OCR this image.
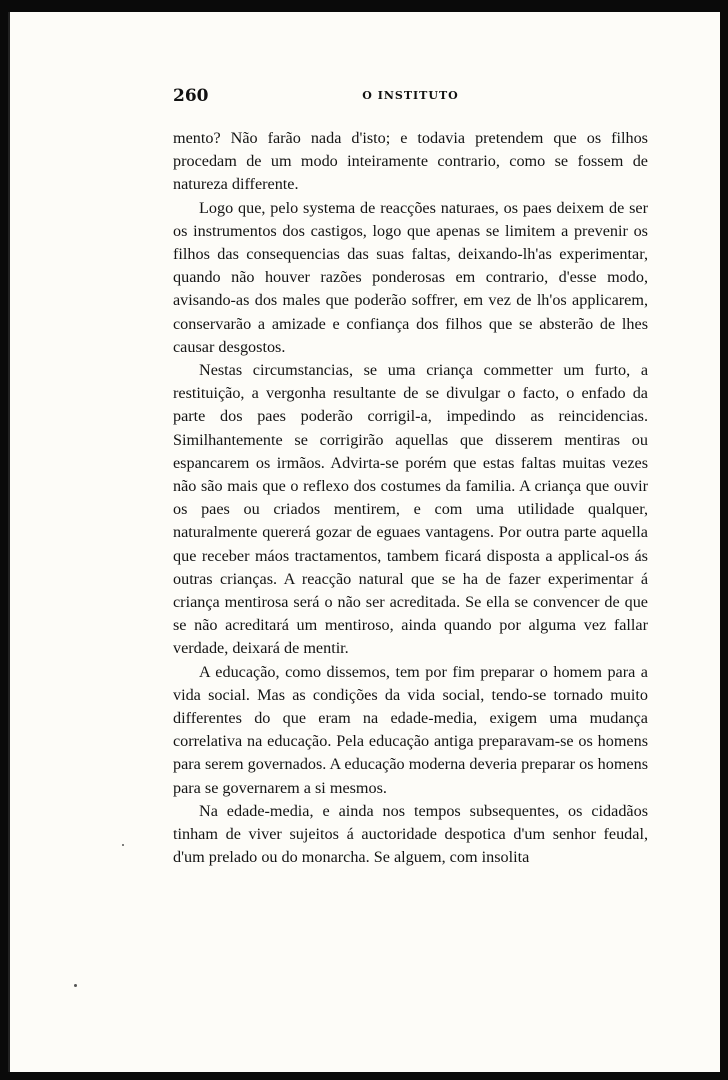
260	O INSTITUTO

mento? Não farão nada d'isto; e todavia pretendem que os filhos procedam de um modo inteiramente contrario, como se fossem de natureza differente.

Logo que, pelo systema de reacções naturaes, os paes deixem de ser os instrumentos dos castigos, logo que apenas se limitem a prevenir os filhos das consequencias das suas faltas, deixando-lh'as experimentar, quando não houver razões ponderosas em contrario, d'esse modo, avisando-as dos males que poderão soffrer, em vez de lh'os applicarem, conservarão a amizade e confiança dos filhos que se absterão de lhes causar desgostos.

Nestas circumstancias, se uma criança commetter um furto, a restituição, a vergonha resultante de se divulgar o facto, o enfado da parte dos paes poderão corrigil-a, impedindo as reincidencias. Similhantemente se corrigirão aquellas que disserem mentiras ou espancarem os irmãos. Advirta-se porém que estas faltas muitas vezes não são mais que o reflexo dos costumes da familia. A criança que ouvir os paes ou criados mentirem, e com uma utilidade qualquer, naturalmente quererá gozar de eguaes vantagens. Por outra parte aquella que receber máos tractamentos, tambem ficará disposta a applical-os ás outras crianças. A reacção natural que se ha de fazer experimentar á criança mentirosa será o não ser acreditada. Se ella se convencer de que se não acreditará um mentiroso, ainda quando por alguma vez fallar verdade, deixará de mentir.

A educação, como dissemos, tem por fim preparar o homem para a vida social. Mas as condições da vida social, tendo-se tornado muito differentes do que eram na edade-media, exigem uma mudança correlativa na educação. Pela educação antiga preparavam-se os homens para serem governados. A educação moderna deveria preparar os homens para se governarem a si mesmos.

Na edade-media, e ainda nos tempos subsequentes, os cidadãos tinham de viver sujeitos á auctoridade despotica d'um senhor feudal, d'um prelado ou do monarcha. Se alguem, com insolita
